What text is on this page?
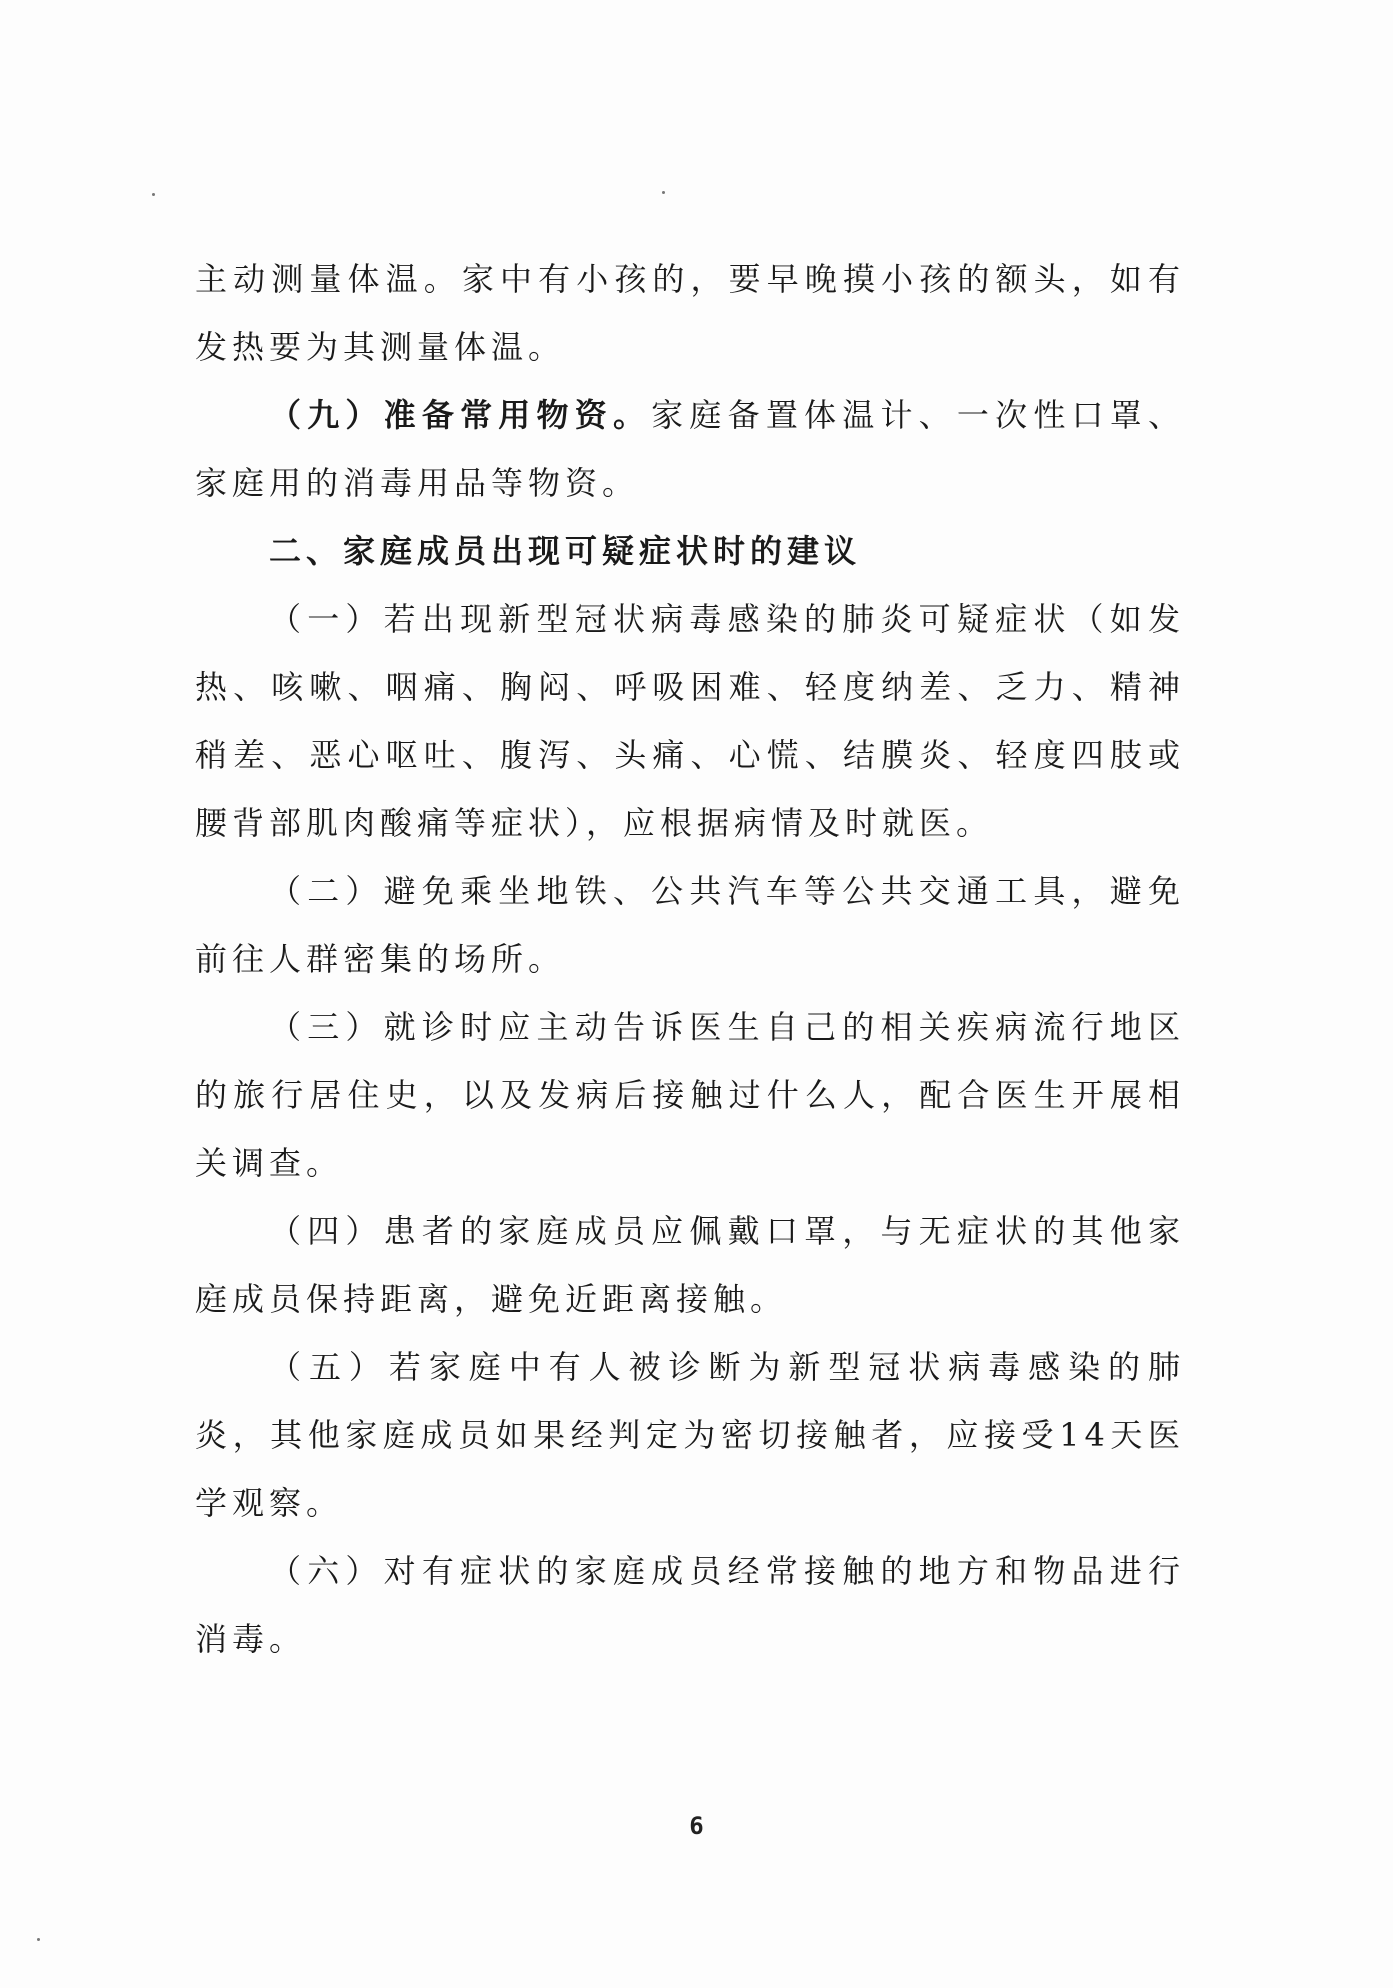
主动测量体温。家中有小孩的，要早晚摸小孩的额头，如有发热要为其测量体温。

（九）准备常用物资。家庭备置体温计、一次性口罩、家庭用的消毒用品等物资。

二、家庭成员出现可疑症状时的建议

（一）若出现新型冠状病毒感染的肺炎可疑症状（如发热、咳嗽、咽痛、胸闷、呼吸困难、轻度纳差、乏力、精神稍差、恶心呕吐、腹泻、头痛、心慌、结膜炎、轻度四肢或腰背部肌肉酸痛等症状），应根据病情及时就医。

（二）避免乘坐地铁、公共汽车等公共交通工具，避免前往人群密集的场所。

（三）就诊时应主动告诉医生自己的相关疾病流行地区的旅行居住史，以及发病后接触过什么人，配合医生开展相关调查。

（四）患者的家庭成员应佩戴口罩，与无症状的其他家庭成员保持距离，避免近距离接触。

（五）若家庭中有人被诊断为新型冠状病毒感染的肺炎，其他家庭成员如果经判定为密切接触者，应接受14天医学观察。

（六）对有症状的家庭成员经常接触的地方和物品进行消毒。

6
